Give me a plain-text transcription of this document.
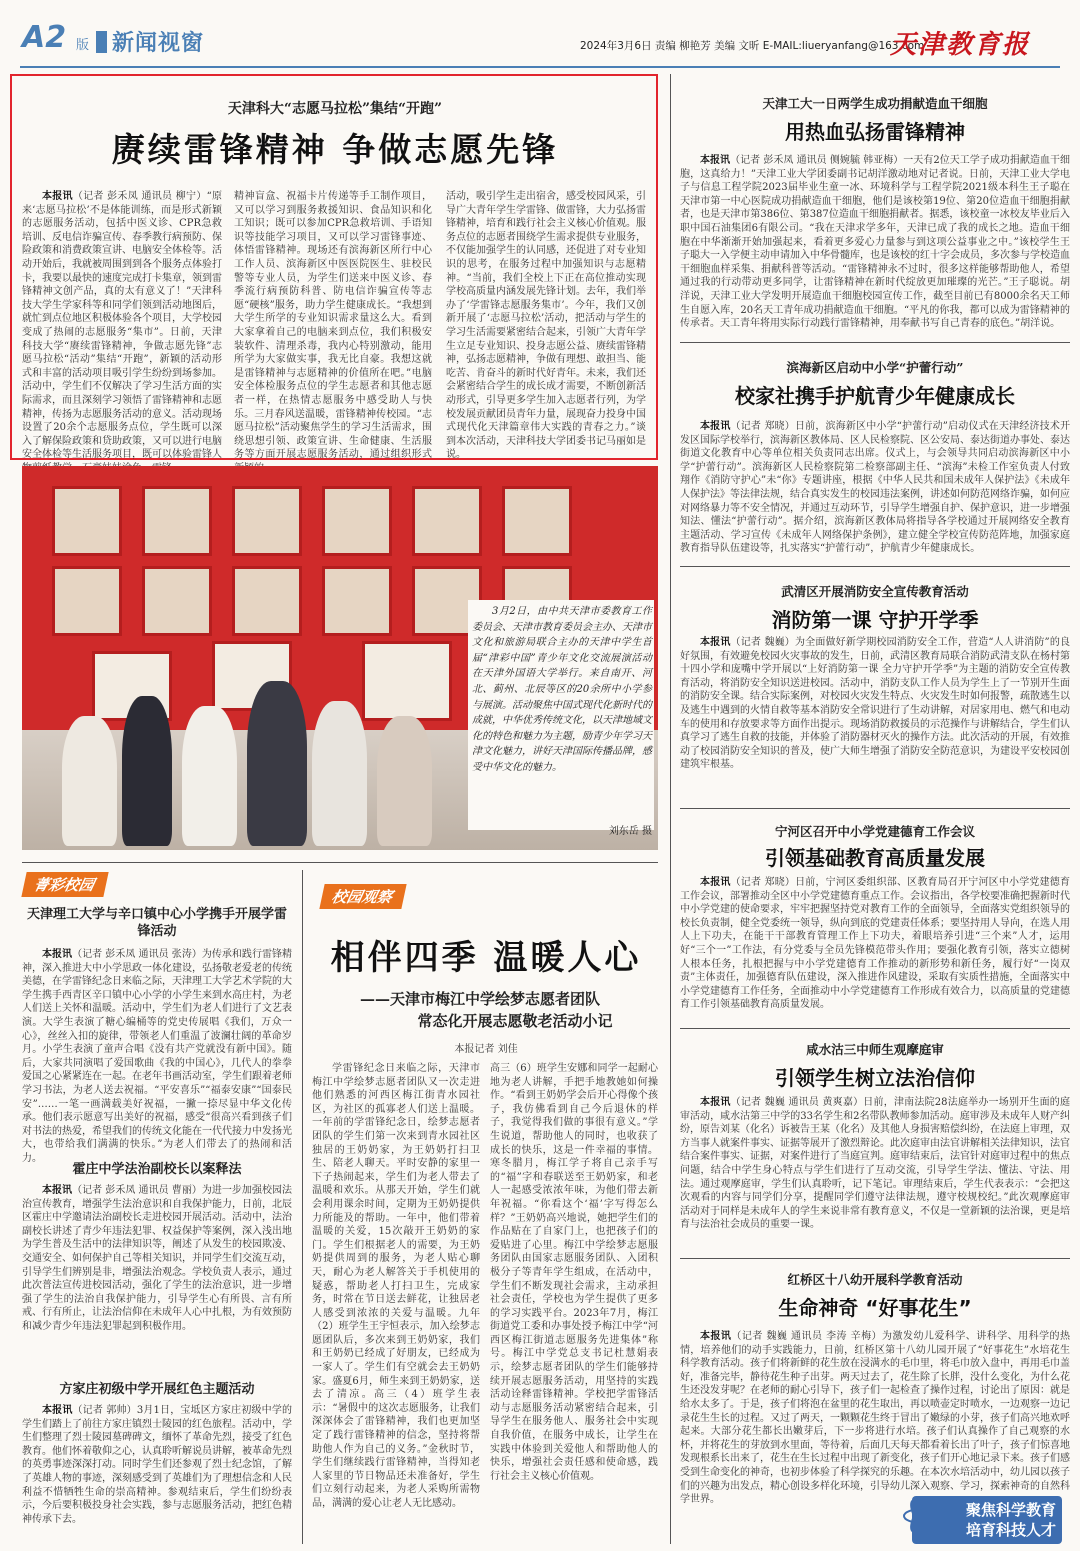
A2 版 新闻视窗	2024年3月6日 责编 柳艳芳 美编 文昕 E-MAIL:liueryanfang@163.com
天津教育报
天津科大“志愿马拉松”集结“开跑”
赓续雷锋精神 争做志愿先锋
本报讯（记者 彭禾凤 通讯员 柳宁）“原来‘志愿马拉松’不是体能训练，而是形式新颖的志愿服务活动，包括中医义诊、CPR急救培训、反电信诈骗宣传、春季教行病预防、保险政策和消费政策宣讲、电脑安全体检等。活动开始后，我就被周围到到各个服务点体验打卡，我要以最快的速度完成打卡集章，领到雷锋精神文创产品，真的太有意义了！”天津科技大学生学家科等和同学们领到活动地图后，就忙到点位地区积极体验各个项目，大学校园变成了热闹的志愿服务“集市”。日前，天津科技大学“赓续雷锋精神，争做志愿先锋”志愿马拉松“活动”集结“开跑”，新颖的活动形式和丰富的活动项目吸引学生纷纷到场参加。活动中，学生们不仅解决了学习生活方面的实际需求，而且深刻学习领悟了雷锋精神和志愿精神，传扬为志愿服务活动的意义。活动现场设置了20余个志愿服务点位，学生既可以深入了解保险政策和贷助政策，又可以进行电脑安全体检等生活服务项目，既可以体验雷锋人
精神盲盒、祝福卡片传递等手工制作项目，又可以学习到服务救援知识、食品知识和化工知识；既可以参加CPR急救培训、手语知识等技能学习项目，又可以学习雷锋事迹、体悟雷锋精神。现场还有滨海新区所行中心工作人员、滨海新区中医医院医生、驻校民警等专业人员，为学生们送来中医义诊、春季流行病预防科普、防电信诈骗宣传等志愿“硬核”服务，助力学生健康成长。“我想到大学生所学的专业知识需求量这么大。看到大家拿着自己的电脑来到点位，我们积极安装软件、清理杀毒，我内心特别激动，能用所学为大家做实事，我无比自豪。我想这就是雷锋精神与志愿精神的价值所在吧。”电脑安全体检服务点位的学生志愿者和其他志愿者一样，在热情志愿服务中感受助人与快乐。三月春风送温暖，雷锋精神传校园。“志愿马拉松”活动聚焦学生的学习生活需求，围绕思想引领、政策宣讲、生命健康、生活服务等方面开展志愿服务活动，通过组织形式
活动，吸引学生走出宿舍，感受校园风采，引导广大青年学生学雷锋、做雷锋，大力弘扬雷锋精神，培育和践行社会主义核心价值观。服务点位的志愿者围绕学生需求提供专业服务，不仅能加强学生的认同感，还促进了对专业知识的思考，在服务过程中加强知识与志愿精神。“当前，我们全校上下正在高位推动实现学校高质量内涵发展先锋计划。去年，我们举办了‘学雷锋志愿服务集市’。今年，我们又创新开展了‘志愿马拉松’活动，把活动与学生的学习生活需要紧密结合起来，引领广大青年学生立足专业知识、投身志愿公益、赓续雷锋精神，弘扬志愿精神，争做有理想、敢担当、能吃苦、肯奋斗的新时代好青年。未来，我们还会紧密结合学生的成长成才需要，不断创新活动形式，引导更多学生加入志愿者行列，为学校发展贡献团员青年力量，展现奋力投身中国式现代化天津篇章伟大实践的青春之力。”谈到本次活动，天津科技大学团委书记马丽如是说。
3月2日，由中共天津市委教育工作委员会、天津市教育委员会主办、天津市文化和旅游局联合主办的天津中学生首届“津彩中国”青少年文化交流展演活动在天津外国语大学举行。来自南开、河北、蓟州、北辰等区的20余所中小学参与展演。活动聚焦中国式现代化新时代的成就，中华优秀传统文化，以天津地域文化的特色和魅力为主题，励青少年学习天津文化魅力，讲好天津国际传播品牌，感受中华文化的魅力。
刘东岳 摄
天津工大一日两学生成功捐献造血干细胞
用热血弘扬雷锋精神
本报讯（记者 彭禾凤 通讯员 侧婉毓 韩亚梅）一天有2位天工学子成功捐献造血干细胞，这真给力！”天津工业大学团委副书记胡洋激动地对记者说。日前，天津工业大学电子与信息工程学院2023届毕业生童一冰、环境科学与工程学院2021级本科生王子聪在天津市第一中心医院成功捐献造血干细胞，他们是该校第19位、第20位造血干细胞捐献者，也是天津市第386位、第387位造血干细胞捐献者。据悉，该校童一冰校友毕业后入职中国石油集团6有限公司。“我在天津求学多年，天津已成了我的成长之地。造血干细胞在中华渐渐开始加强起来，看着更多爱心力量参与到这项公益事业之中。”该校学生王子聪大一入学便主动申请加入中华骨髓库，也是该校的红十字会成员，多次参与学校造血干细胞血样采集、捐献科普等活动。“雷锋精神永不过时，很多这样能够帮助他人，希望通过我的行动带动更多同学，让雷锋精神在新时代绽放更加璀璨的光芒。”王子聪说。胡洋说，天津工业大学发明开展造血干细胞校园宣传工作，截至目前已有8000余名天工师生自愿入库，20名天工青年成功捐献造血干细胞。“平凡的你我，都可以成为雷锋精神的传承者。天工青年将用实际行动践行雷锋精神，用奉献书写自己青春的底色。”胡洋说。
滨海新区启动中小学“护蕾行动”
校家社携手护航青少年健康成长
本报讯（记者 郑晓）日前，滨海新区中小学“护蕾行动”启动仪式在天津经济技术开发区国际学校举行，滨海新区教体局、区人民检察院、区公安局、泰达街道办事处、泰达街道文化教育中心等单位相关负责同志出席。仪式上，与会领导共同启动滨海新区中小学“护蕾行动”。滨海新区人民检察院第二检察部副主任、“滨海”未检工作室负责人付致翔作《消防守护心”未“你》专题讲座，根据《中华人民共和国未成年人保护法》《未成年人保护法》等法律法规，结合真实发生的校园违法案例，讲述如何防范网络诈骗，如何应对网络暴力等不安全情况，并通过互动环节，引导学生增强自护、保护意识，进一步增强知法、懂法“护蕾行动”。据介绍，滨海新区教体局将指导各学校通过开展网络安全教育主题活动、学习宣传《未成年人网络保护条例》，建立健全学校宣传防范阵地，加强家庭教育指导队伍建设等，扎实落实“护蕾行动”，护航青少年健康成长。
武清区开展消防安全宣传教育活动
消防第一课 守护开学季
本报讯（记者 魏巍）为全面做好新学期校园消防安全工作，营造“人人讲消防”的良好氛围，有效避免校园火灾事故的发生，日前，武清区教育局联合消防武清支队在杨村第十四小学和庞嘴中学开展以“上好消防第一课 全力守护开学季”为主题的消防安全宣传教育活动，将消防安全知识送进校园。活动中，消防支队工作人员为学生上了一节别开生面的消防安全课。结合实际案例，对校园火灾发生特点、火灾发生时如何报警，疏散逃生以及逃生中遇到的火情自救等基本消防安全常识进行了生动讲解，对居家用电、燃气和电动车的使用和存放要求等方面作出提示。现场消防救援员的示范操作与讲解结合，学生们认真学习了逃生自救的技能，并体验了消防器材灭火的操作方法。此次活动的开展，有效推动了校园消防安全知识的普及，使广大师生增强了消防安全防范意识，为建设平安校园创建筑牢根基。
宁河区召开中小学党建德育工作会议
引领基础教育高质量发展
本报讯（记者 郑晓）日前，宁河区委组织部、区教育局召开宁河区中小学党建德育工作会议，部署推动全区中小学党建德育重点工作。会议指出，各学校要准确把握新时代中小学党建的使命要求，牢牢把握坚持党对教育工作的全面领导，全面落实党组织领导的校长负责制，健全党委统一领导，纵向到底的党建责任体系；要坚持用人导向，在选人用人上下功夫，在能干干部教育管理工作上下功夫，着眼培养引进“三个来”人才，运用好“三个一”工作法，有分党委与全员先锋模范带头作用；要强化教育引领，落实立德树人根本任务，扎根把握与中小学党建德育工作推动的新形势和新任务，履行好“一岗双责”主体责任，加强德育队伍建设，深入推进作风建设，采取有实质性措施，全面落实中小学党建德育工作任务，全面推动中小学党建德育工作形成有效合力，以高质量的党建德育工作引领基础教育高质量发展。
咸水沽三中师生观摩庭审
引领学生树立法治信仰
本报讯（记者 魏巍 通讯员 黄爽嘉）日前，津南法院28法庭举办一场别开生面的庭审活动，咸水沽第三中学的33名学生和2名带队教师参加活动。庭审涉及未成年人财产纠纷，原告刘某（化名）诉被告王某（化名）及其他人身损害赔偿纠纷，在法庭上审理，双方当事人就案件事实、证据等展开了激烈辩论。此次庭审由法官讲解相关法律知识，法官结合案件事实、证据，对案件进行了当庭宣判。庭审结束后，法官针对庭审过程中的焦点问题，结合中学生身心特点与学生们进行了互动交流，引导学生学法、懂法、守法、用法。通过观摩庭审，学生们认真聆听，记下笔记。审理结束后，学生代表表示：“会把这次观看的内容与同学们分享，提醒同学们遵守法律法规，遵守校规校纪。”此次观摩庭审活动对于同样是未成年人的学生来说非常有教育意义，不仅是一堂新颖的法治课，更是培育与法治社会成员的重要一课。
红桥区十八幼开展科学教育活动
生命神奇 “好事花生”
本报讯（记者 魏巍 通讯员 李涛 辛梅）为激发幼儿爱科学、讲科学、用科学的热情，培养他们的动手实践能力，日前，红桥区第十八幼儿园开展了“好事花生”水培花生科学教育活动。孩子们将新鲜的花生放在浸满水的毛巾里，将毛巾放入盘中，再用毛巾盖好，准备完毕，静待花生种子出芽。两天过去了，花生除了长胖，没什么变化，为什么花生还没发芽呢？在老师的耐心引导下，孩子们一起检查了操作过程，讨论出了原因：就是给水太多了。于是，孩子们将泡在盆里的花生取出，再以喷壶定时喷水，一边观察一边记录花生生长的过程。又过了两天，一颗颗花生终于冒出了嫩绿的小芽，孩子们高兴地欢呼起来。大部分花生都长出嫩芽后，下一步将进行水培。孩子们认真操作了自己观察的水杯，并将花生的芽放到水里面，等待着，后面几天每天都看着长出了叶子，孩子们惊喜地发现根系长出来了，花生在生长过程中出现了新变化，孩子们开心地记录下来。孩子们感受到生命变化的神奇，也初步体验了科学探究的乐趣。在本次水培活动中，幼儿园以孩子们的兴趣为出发点，精心创设多样化环境，引导幼儿深入观察、学习，探索神奇的自然科学世界。
聚焦科学教育
培育科技人才
菁彩校园
天津理工大学与辛口镇中心小学携手开展学雷锋活动
本报讯（记者 彭禾凤 通讯员 张涛）为传承和践行雷锋精神，深入推进大中小学思政一体化建设，弘扬敬老爱老的传统美德，在学雷锋纪念日来临之际，天津理工大学艺术学院的大学生携手西青区辛口镇中心小学的小学生来到水高庄村，为老人们送上关怀和温暖。活动中，学生们为老人们进行了文艺表演。大学生表演了糖心编桶等的党史传展唱《我们，万众一心》，丝丝入扣的旋律，带领老人们重温了波澜壮阔的革命岁月。小学生表演了童声合唱《没有共产党就没有新中国》。随后，大家共同演唱了爱国歌曲《我的中国心》，几代人的拳拳爱国之心紧紧连在一起。在老年书画活动室，学生们跟着老师学习书法，为老人送去祝福。“平安喜乐”“福泰安康”“国泰民安”……一笔一画满载美好祝福，一撇一捺尽显中华文化传承。他们表示愿意写出美好的祝福，感受“很高兴看到孩子们对书法的热爱，希望我们的传统文化能在一代代接力中发扬光大，也带给我们满满的快乐。”为老人们带去了的热闹和活力。
霍庄中学法治副校长以案释法
本报讯（记者 彭禾凤 通讯员 曹丽）为进一步加强校园法治宣传教育，增强学生法治意识和自我保护能力，日前，北辰区霍庄中学邀请法治副校长走进校园开展活动。活动中，法治副校长讲述了青少年违法犯罪、权益保护等案例，深入浅出地为学生普及生活中的法律知识等，阐述了从发生的校园欺凌、交通安全、如何保护自己等相关知识，并同学生们交流互动，引导学生们辨别是非，增强法治观念。学校负责人表示，通过此次普法宣传进校园活动，强化了学生的法治意识，进一步增强了学生的法治自我保护能力，引导学生心有所畏、言有所戒、行有所止，让法治信仰在未成年人心中扎根，为有效预防和减少青少年违法犯罪起到积极作用。
方家庄初级中学开展红色主题活动
本报讯（记者 郭帅）3月1日，宝坻区方家庄初级中学的学生们踏上了前往方家庄镇烈士陵园的红色旅程。活动中，学生们整理了烈士陵园墓碑碑文，缅怀了革命先烈，接受了红色教育。他们怀着敬仰之心，认真聆听解说员讲解，被革命先烈的英勇事迹深深打动。同时学生们还参观了烈士纪念馆，了解了英雄人物的事迹，深刻感受到了英雄们为了理想信念和人民利益不惜牺牲生命的崇高精神。参观结束后，学生们纷纷表示，今后要积极投身社会实践，参与志愿服务活动，把红色精神传承下去。
校园观察
相伴四季 温暖人心
——天津市梅江中学绘梦志愿者团队
常态化开展志愿敬老活动小记
本报记者 刘佳
学雷锋纪念日来临之际，天津市梅江中学绘梦志愿者团队又一次走进他们熟悉的河西区梅江街青水园社区，为社区的孤寡老人们送上温暖。一年前的学雷锋纪念日，绘梦志愿者团队的学生们第一次来到青水园社区独居的王奶奶家，为王奶奶打扫卫生、陪老人聊天。平时安静的家里一下子热闹起来，学生们为老人带去了温暖和欢乐。从那天开始，学生们就会利用课余时间，定期为王奶奶提供力所能及的帮助。一年中，他们带着温暖的关爱，15次敲开王奶奶的家门。学生们根据老人的需要，为王奶奶提供周到的服务，为老人贴心聊天，耐心为老人解答关于手机使用的疑惑，帮助老人打扫卫生，完成家务，时常在节日送去鲜花，让独居老人感受到浓浓的关爱与温暖。九年（2）班学生王宇恒表示，加入绘梦志愿团队后，多次来到王奶奶家，我们和王奶奶已经成了好朋友，已经成为一家人了。学生们有空就会去王奶奶家。盛夏6月，师生来到王奶奶家，送去了清凉。高三（4）班学生表示：“暑假中的这次志愿服务，让我们深深体会了雷锋精神，我们也更加坚定了践行雷锋精神的信念，坚持将帮助他人作为自己的义务。”金秋时节，学生们继续践行雷锋精神，当得知老人家里的节日物品还未准备好，学生们立刻行动起来，为老人采购所需物品，满满的爱心让老人无比感动。
高三（6）班学生安娜和同学一起耐心地为老人讲解，手把手地教她如何操作。“看到王奶奶学会后开心得像个孩子，我仿佛看到自己今后退休的样子，我觉得我们做的事很有意义。”学生说道，帮助他人的同时，也收获了成长的快乐，这是一件幸福的事情。寒冬腊月，梅江学子将自己亲手写的“福”字和春联送至王奶奶家，和老人一起感受浓浓年味，为他们带去新年祝福。“你看这个‘福’字写得怎么样？”王奶奶高兴地说，她把学生们的作品贴在了自家门上，也把孩子们的爱贴进了心里。梅江中学绘梦志愿服务团队由国家志愿服务团队、入团积极分子等青年学生组成，在活动中，学生们不断发现社会需求，主动承担社会责任，学校也为学生提供了更多的学习实践平台。2023年7月，梅江街道党工委和办事处授予梅江中学“河西区梅江街道志愿服务先进集体”称号。梅江中学党总支书记杜慧娟表示，绘梦志愿者团队的学生们能够持续开展志愿服务活动，用坚持的实践活动诠释雷锋精神。学校把学雷锋活动与志愿服务活动紧密结合起来，引导学生在服务他人、服务社会中实现自我价值，在服务中成长，让学生在实践中体验到关爱他人和帮助他人的快乐，增强社会责任感和使命感，践行社会主义核心价值观。
